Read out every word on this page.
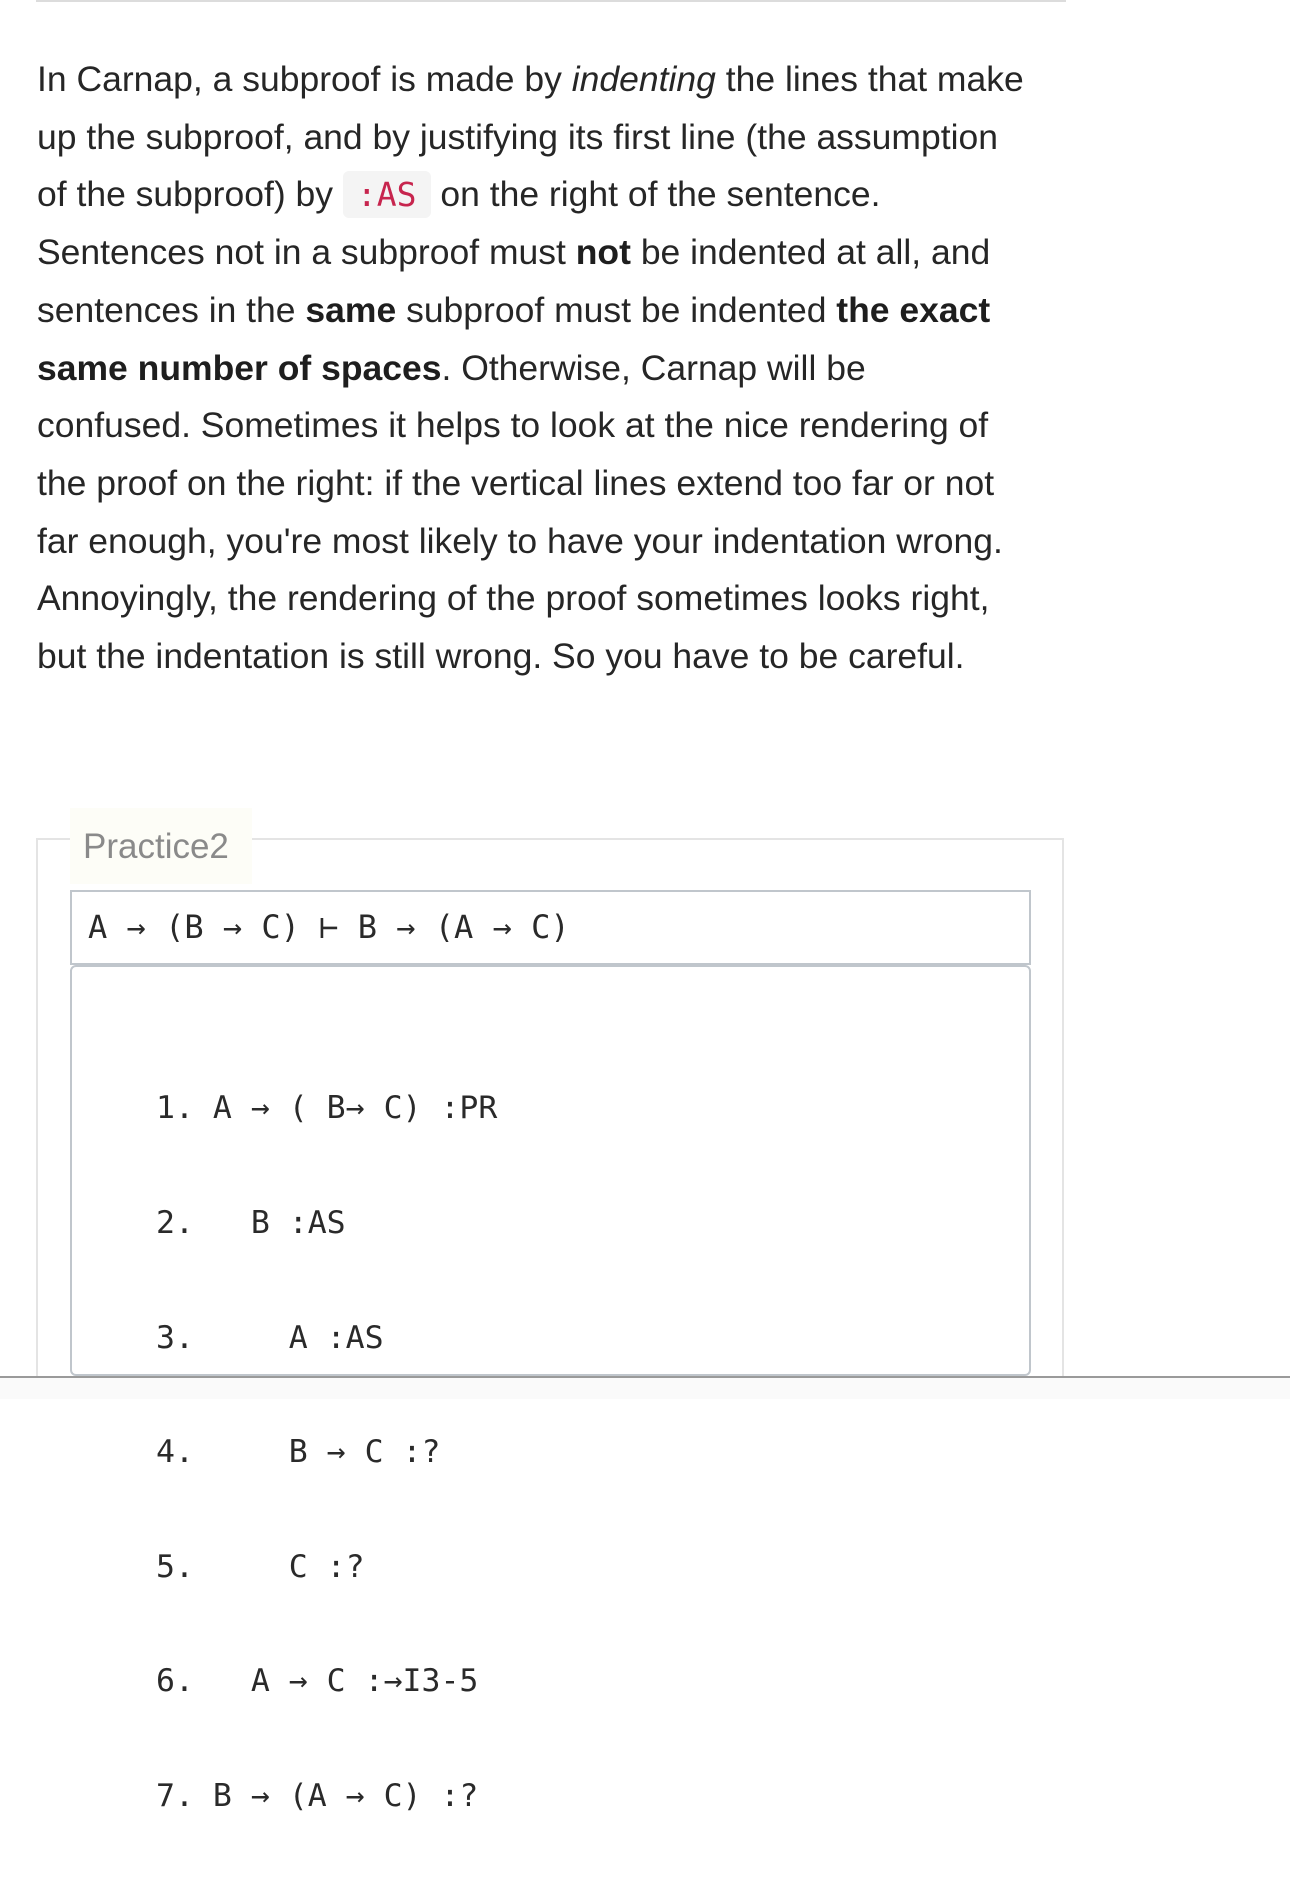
In Carnap, a subproof is made by indenting the lines that make up the subproof, and by justifying its first line (the assumption of the subproof) by :AS on the right of the sentence. Sentences not in a subproof must not be indented at all, and sentences in the same subproof must be indented the exact same number of spaces. Otherwise, Carnap will be confused. Sometimes it helps to look at the nice rendering of the proof on the right: if the vertical lines extend too far or not far enough, you're most likely to have your indentation wrong. Annoyingly, the rendering of the proof sometimes looks right, but the indentation is still wrong. So you have to be careful.

Practice2
A → (B → C) ⊢ B → (A → C)

1. A → ( B→ C) :PR

2.   B :AS

3.     A :AS

4.     B → C :?

5.     C :?

6.   A → C :→I3-5

7. B → (A → C) :?
